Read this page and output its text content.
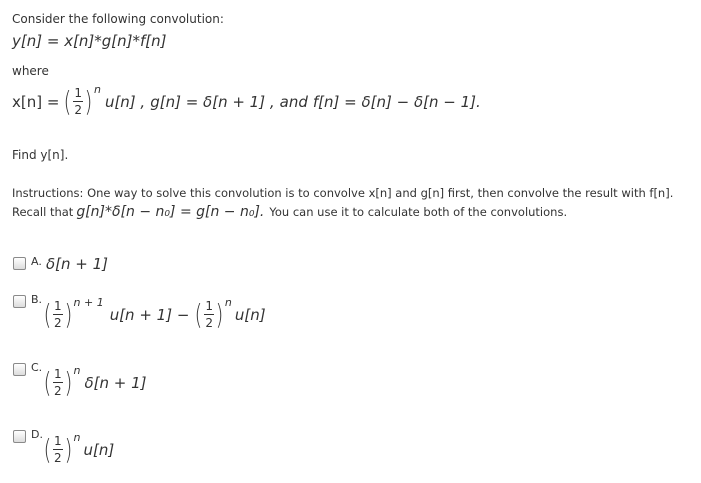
Consider the following convolution:
y[n] = x[n]*g[n]*f[n]
where
x[n] = ( $\frac{1}{2}$ ) n
u[n] , g[n] = δ[n + 1] , and f[n] = δ[n] − δ[n − 1].
Find y[n].
Instructions: One way to solve this convolution is to convolve x[n] and g[n] first, then convolve the result with f[n].
Recall that g[n]*δ[n − n₀] = g[n − n₀]. You can use it to calculate both of the convolutions.
A. δ[n + 1]
B. ( $\frac{1}{2}$ ) n + 1
u[n + 1] − ( $\frac{1}{2}$ ) n
u[n]
C. ( $\frac{1}{2}$ ) n
δ[n + 1]
D. ( $\frac{1}{2}$ ) n
u[n]
